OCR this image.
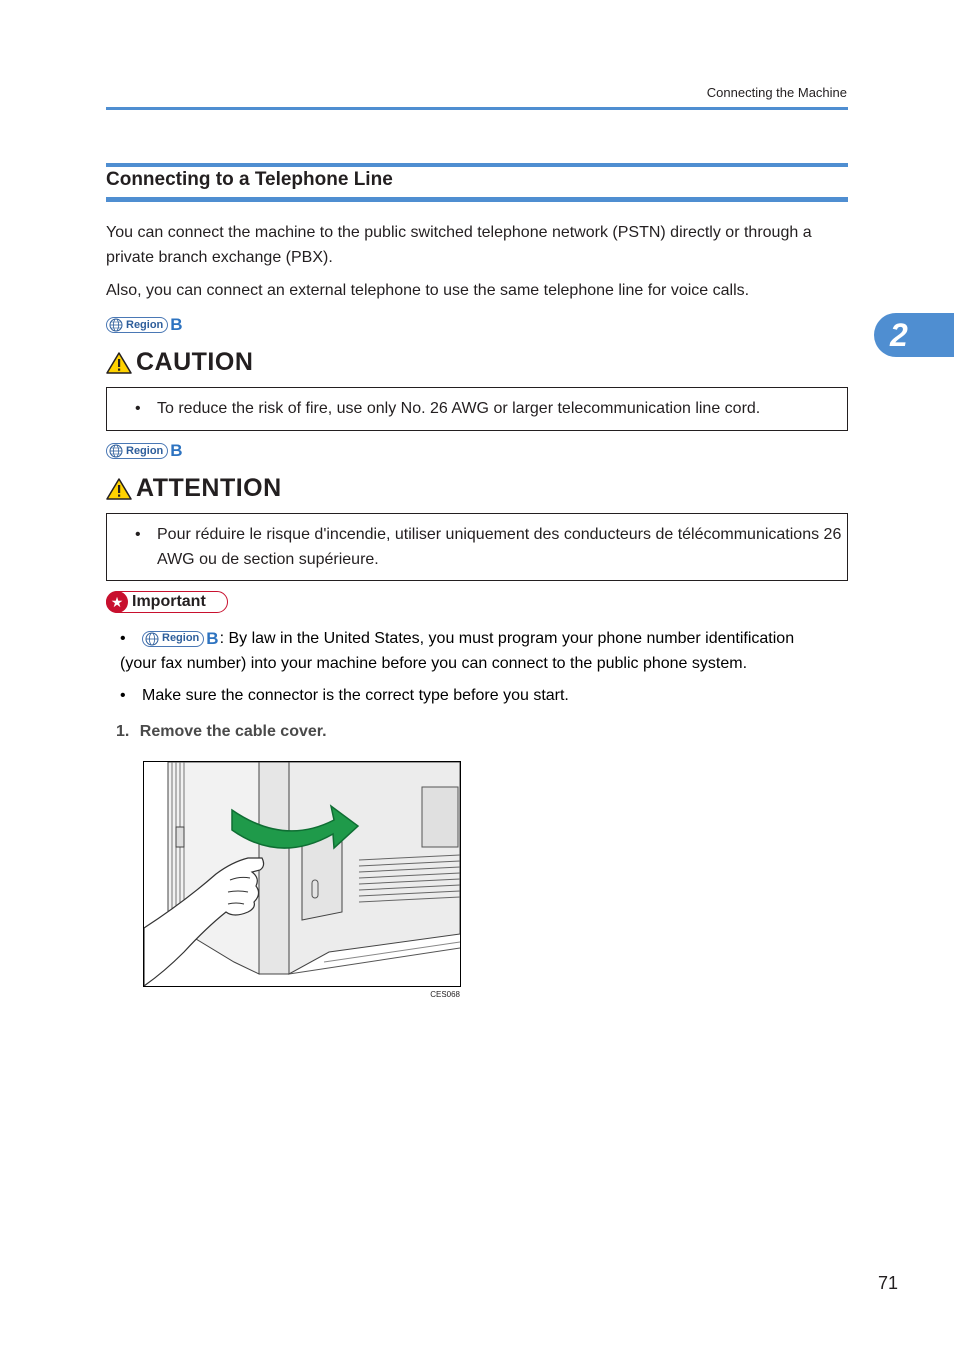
Connecting the Machine
Connecting to a Telephone Line
You can connect the machine to the public switched telephone network (PSTN) directly or through a
private branch exchange (PBX).
Also, you can connect an external telephone to use the same telephone line for voice calls.
Region B
CAUTION
•	To reduce the risk of fire, use only No. 26 AWG or larger telecommunication line cord.
Region B
ATTENTION
•	Pour réduire le risque d'incendie, utiliser uniquement des conducteurs de télécommunications 26
AWG ou de section supérieure.
★ Important
•	Region B : By law in the United States, you must program your phone number identification
(your fax number) into your machine before you can connect to the public phone system.
•	Make sure the connector is the correct type before you start.
1. Remove the cable cover.
CES068
2
71
